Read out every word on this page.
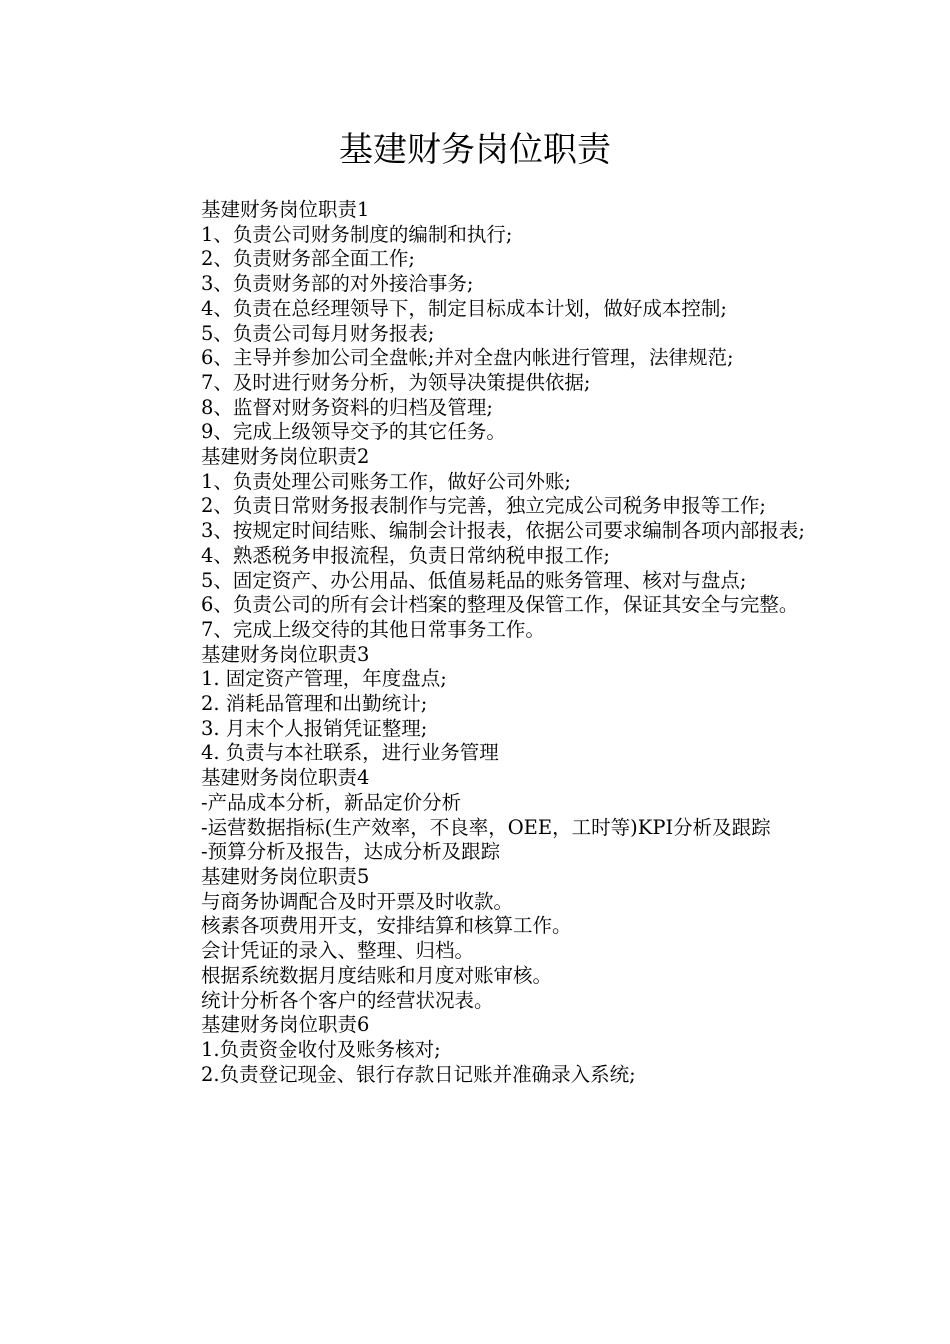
基建财务岗位职责

基建财务岗位职责1

1、负责公司财务制度的编制和执行;

2、负责财务部全面工作;

3、负责财务部的对外接洽事务;

4、负责在总经理领导下，制定目标成本计划，做好成本控制;

5、负责公司每月财务报表;

6、主导并参加公司全盘帐;并对全盘内帐进行管理，法律规范;

7、及时进行财务分析，为领导决策提供依据;

8、监督对财务资料的归档及管理;

9、完成上级领导交予的其它任务。

基建财务岗位职责2

1、负责处理公司账务工作，做好公司外账;

2、负责日常财务报表制作与完善，独立完成公司税务申报等工作;

3、按规定时间结账、编制会计报表，依据公司要求编制各项内部报表;

4、熟悉税务申报流程，负责日常纳税申报工作;

5、固定资产、办公用品、低值易耗品的账务管理、核对与盘点;

6、负责公司的所有会计档案的整理及保管工作，保证其安全与完整。

7、完成上级交待的其他日常事务工作。

基建财务岗位职责3

1. 固定资产管理，年度盘点;

2. 消耗品管理和出勤统计;

3. 月末个人报销凭证整理;

4. 负责与本社联系，进行业务管理

基建财务岗位职责4

-产品成本分析，新品定价分析

-运营数据指标(生产效率，不良率，OEE，工时等)KPI分析及跟踪

-预算分析及报告，达成分析及跟踪

基建财务岗位职责5

与商务协调配合及时开票及时收款。

核素各项费用开支，安排结算和核算工作。

会计凭证的录入、整理、归档。

根据系统数据月度结账和月度对账审核。

统计分析各个客户的经营状况表。

基建财务岗位职责6

1.负责资金收付及账务核对;

2.负责登记现金、银行存款日记账并准确录入系统;
